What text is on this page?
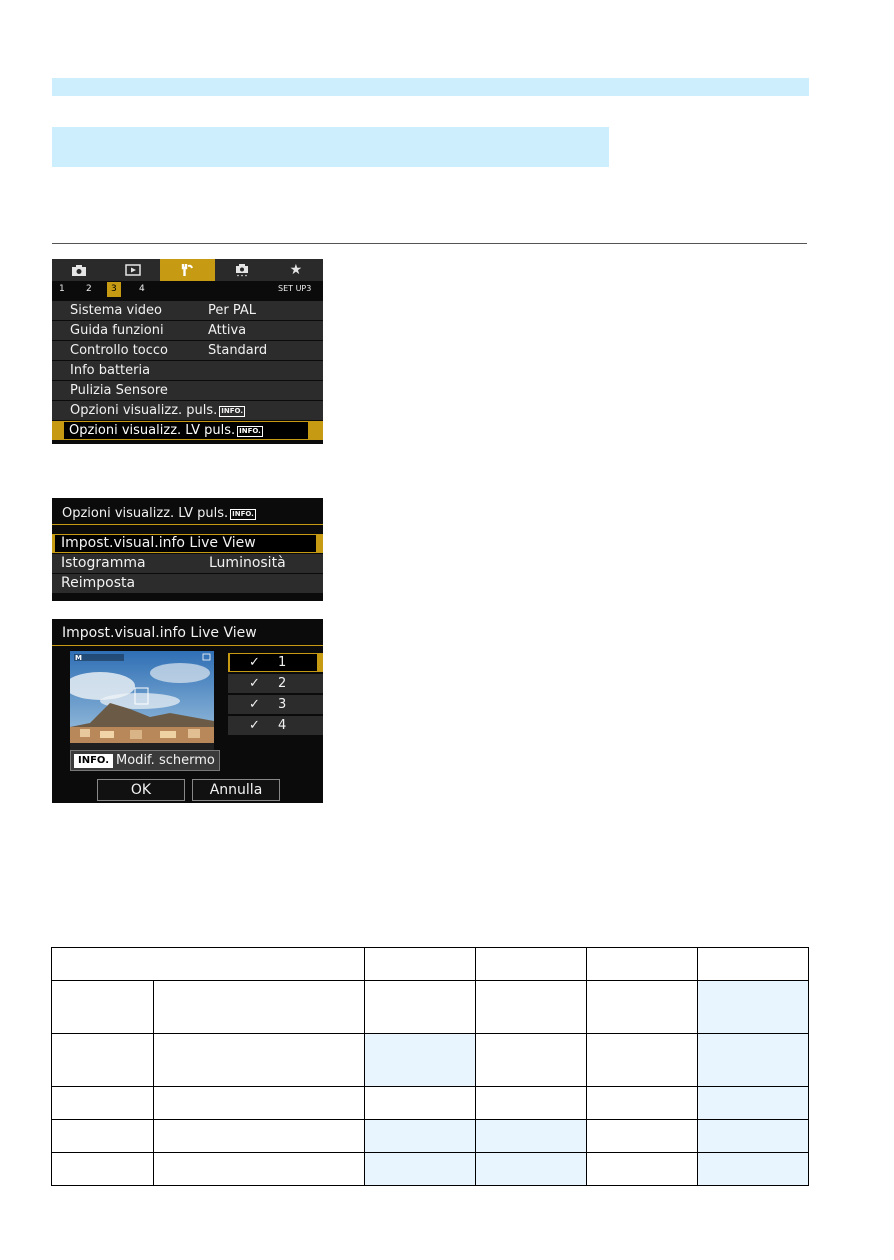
★
1 2	3	4	SET UP3
Sistema video	Per PAL
Guida funzioni	Attiva
Controllo tocco	Standard
Info batteria
Pulizia Sensore
Opzioni visualizz. puls. INFO.
Opzioni visualizz. LV puls. INFO.
Opzioni visualizz. LV puls. INFO.
Impost.visual.info Live View
Istogramma	Luminosità
Reimposta
Impost.visual.info Live View
M	✓ 1
✓ 2
✓ 3
✓ 4
INFO. Modif. schermo
OK	Annulla
